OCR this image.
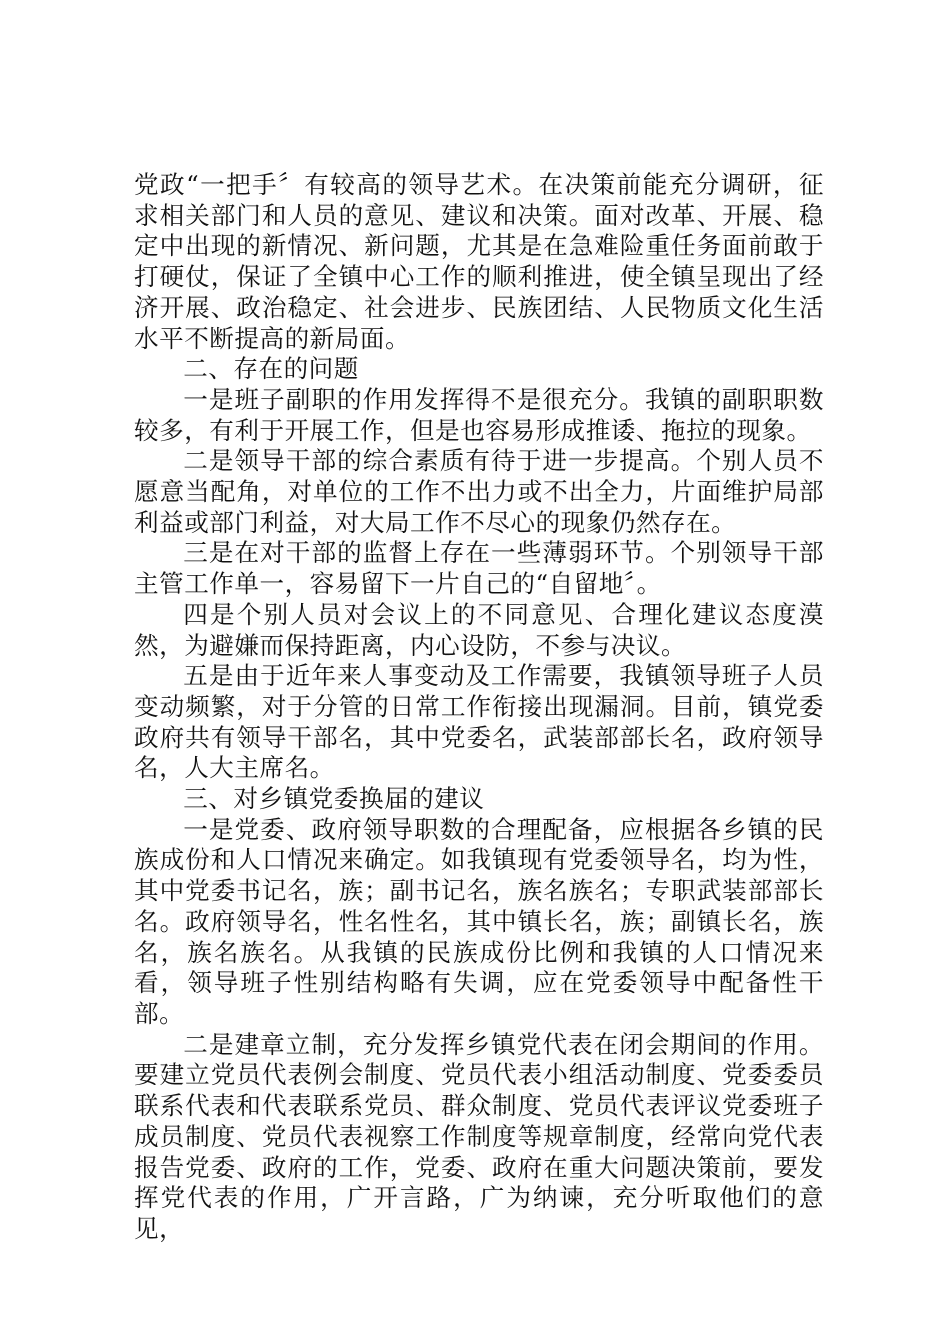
党政“一把手〞有较高的领导艺术。在决策前能充分调研，征求相关部门和人员的意见、建议和决策。面对改革、开展、稳定中出现的新情况、新问题，尤其是在急难险重任务面前敢于打硬仗，保证了全镇中心工作的顺利推进，使全镇呈现出了经济开展、政治稳定、社会进步、民族团结、人民物质文化生活水平不断提高的新局面。

二、存在的问题

一是班子副职的作用发挥得不是很充分。我镇的副职职数较多，有利于开展工作，但是也容易形成推诿、拖拉的现象。

二是领导干部的综合素质有待于进一步提高。个别人员不愿意当配角，对单位的工作不出力或不出全力，片面维护局部利益或部门利益，对大局工作不尽心的现象仍然存在。

三是在对干部的监督上存在一些薄弱环节。个别领导干部主管工作单一，容易留下一片自己的“自留地〞。

四是个别人员对会议上的不同意见、合理化建议态度漠然，为避嫌而保持距离，内心设防，不参与决议。

五是由于近年来人事变动及工作需要，我镇领导班子人员变动频繁，对于分管的日常工作衔接出现漏洞。目前，镇党委政府共有领导干部名，其中党委名，武装部部长名，政府领导名，人大主席名。

三、对乡镇党委换届的建议

一是党委、政府领导职数的合理配备，应根据各乡镇的民族成份和人口情况来确定。如我镇现有党委领导名，均为性，其中党委书记名，族；副书记名，族名族名；专职武装部部长名。政府领导名，性名性名，其中镇长名，族；副镇长名，族名，族名族名。从我镇的民族成份比例和我镇的人口情况来看，领导班子性别结构略有失调，应在党委领导中配备性干部。

二是建章立制，充分发挥乡镇党代表在闭会期间的作用。要建立党员代表例会制度、党员代表小组活动制度、党委委员联系代表和代表联系党员、群众制度、党员代表评议党委班子成员制度、党员代表视察工作制度等规章制度，经常向党代表报告党委、政府的工作，党委、政府在重大问题决策前，要发挥党代表的作用，广开言路，广为纳谏，充分听取他们的意见，
